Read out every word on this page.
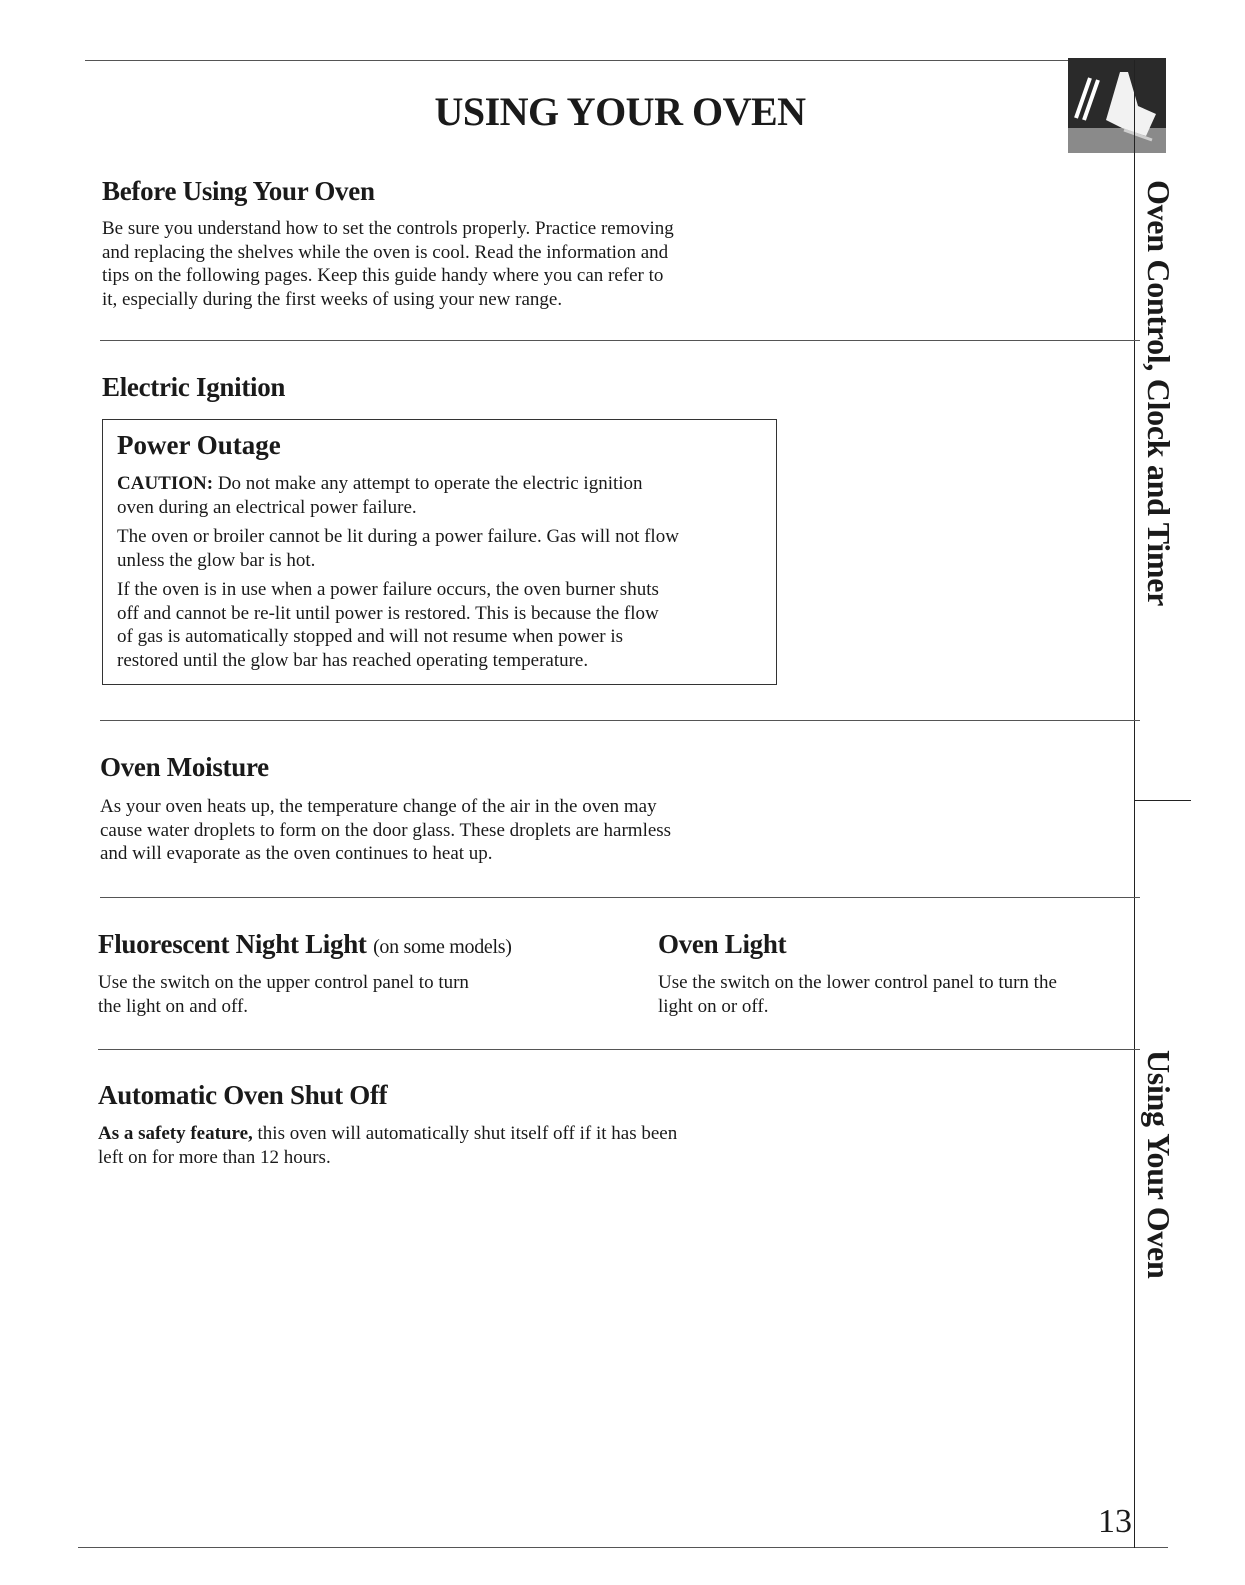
Oven Control, Clock and Timer
Using Your Oven
USING YOUR OVEN
Before Using Your Oven
Be sure you understand how to set the controls properly. Practice removing
and replacing the shelves while the oven is cool. Read the information and
tips on the following pages. Keep this guide handy where you can refer to
it, especially during the first weeks of using your new range.
Electric Ignition
Power Outage

CAUTION: Do not make any attempt to operate the electric ignition
oven during an electrical power failure.

The oven or broiler cannot be lit during a power failure. Gas will not flow
unless the glow bar is hot.

If the oven is in use when a power failure occurs, the oven burner shuts
off and cannot be re-lit until power is restored. This is because the flow
of gas is automatically stopped and will not resume when power is
restored until the glow bar has reached operating temperature.

Oven Moisture
As your oven heats up, the temperature change of the air in the oven may
cause water droplets to form on the door glass. These droplets are harmless
and will evaporate as the oven continues to heat up.
Fluorescent Night Light (on some models)
Use the switch on the upper control panel to turn
the light on and off.
Oven Light
Use the switch on the lower control panel to turn the
light on or off.
Automatic Oven Shut Off
As a safety feature, this oven will automatically shut itself off if it has been
left on for more than 12 hours.
13
